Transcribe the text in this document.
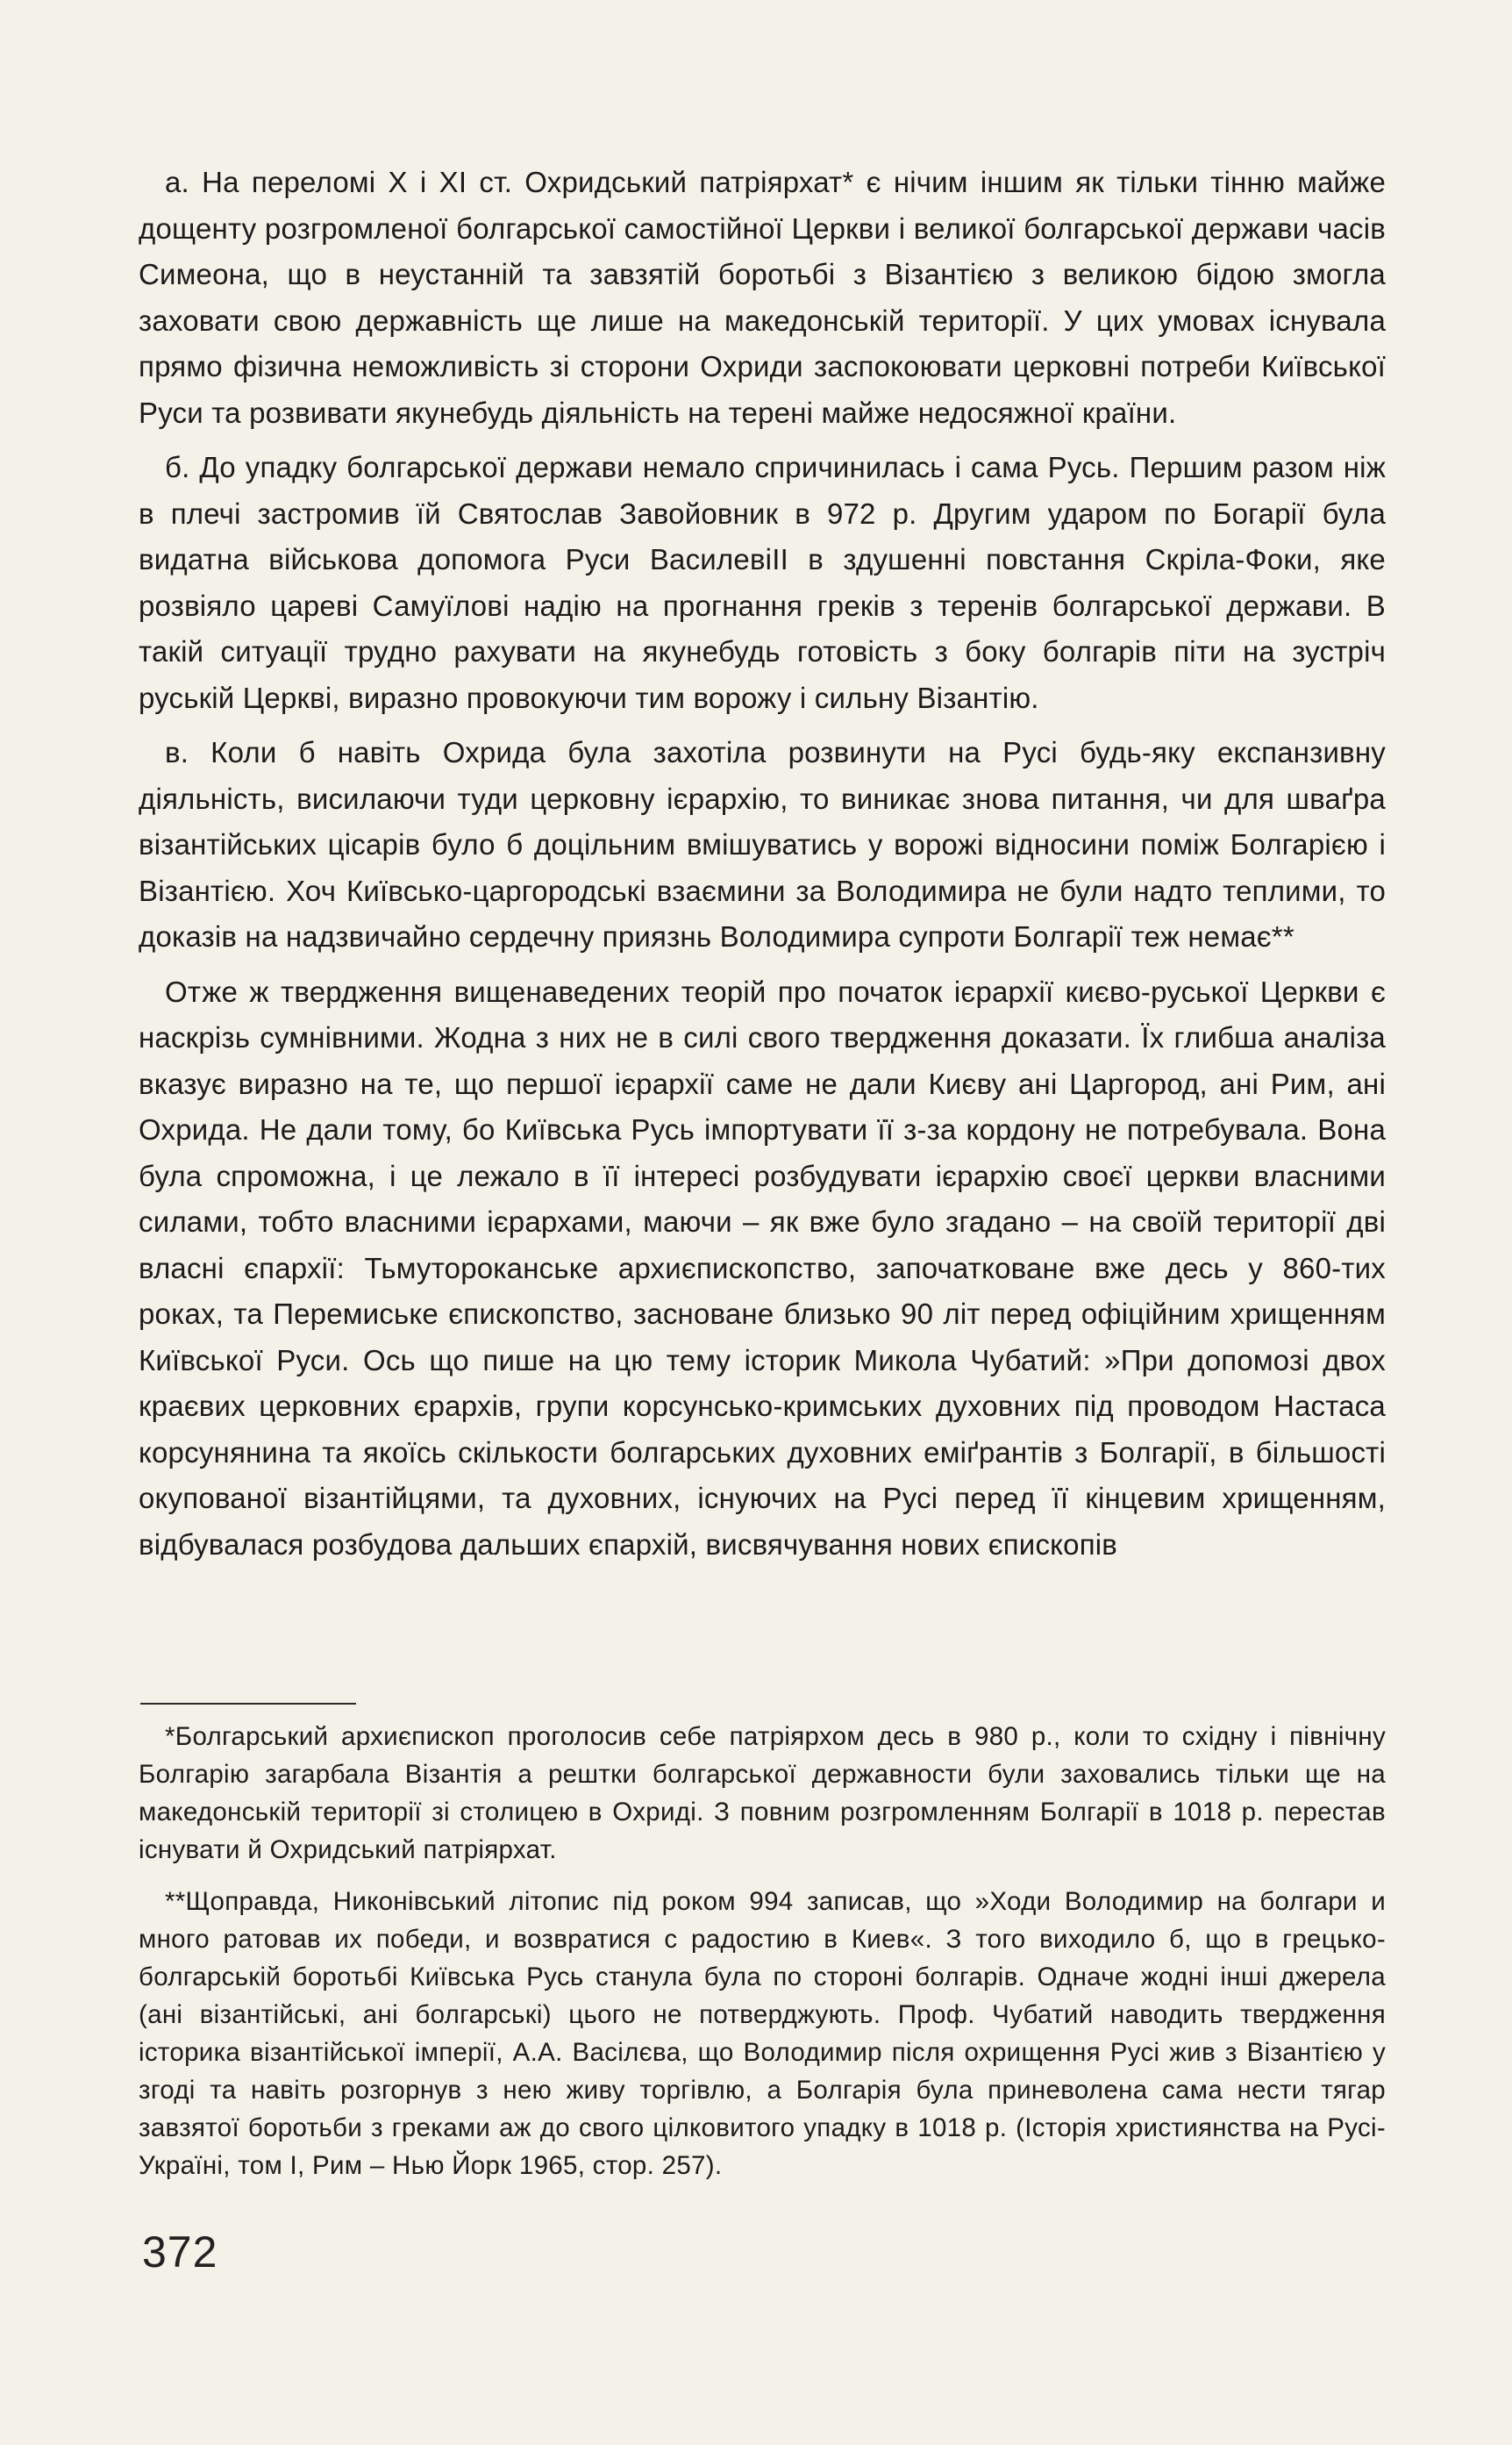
а. На переломі X і XI ст. Охридський патріярхат* є нічим іншим як тільки тінню майже дощенту розгромленої болгарської самостійної Церкви і великої болгарської держави часів Симеона, що в неустанній та завзятій боротьбі з Візантією з великою бідою змогла заховати свою державність ще лише на македонській території. У цих умовах існувала прямо фізична неможливість зі сторони Охриди заспокоювати церковні потреби Київської Руси та розвивати якунебудь діяльність на терені майже недосяжної країни.

б. До упадку болгарської держави немало спричинилась і сама Русь. Першим разом ніж в плечі застромив їй Святослав Завойовник в 972 р. Другим ударом по Богарії була видатна військова допомога Руси ВасилевіІІ в здушенні повстання Скріла-Фоки, яке розвіяло цареві Самуїлові надію на прогнання греків з теренів болгарської держави. В такій ситуації трудно рахувати на якунебудь готовість з боку болгарів піти на зустріч руській Церкві, виразно провокуючи тим ворожу і сильну Візантію.

в. Коли б навіть Охрида була захотіла розвинути на Русі будь-яку експанзивну діяльність, висилаючи туди церковну ієрархію, то виникає знова питання, чи для шваґра візантійських цісарів було б доцільним вмішуватись у ворожі відносини поміж Болгарією і Візантією. Хоч Київсько-царгородські взаємини за Володимира не були надто теплими, то доказів на надзвичайно сердечну приязнь Володимира супроти Болгарії теж немає**

Отже ж твердження вищенаведених теорій про початок ієрархії києво-руської Церкви є наскрізь сумнівними. Жодна з них не в силі свого твердження доказати. Їх глибша аналіза вказує виразно на те, що першої ієрархії саме не дали Києву ані Царгород, ані Рим, ані Охрида. Не дали тому, бо Київська Русь імпортувати її з-за кордону не потребувала. Вона була спроможна, і це лежало в її інтересі розбудувати ієрархію своєї церкви власними силами, тобто власними ієрархами, маючи – як вже було згадано – на своїй території дві власні єпархії: Тьмутороканське архиєпископство, започатковане вже десь у 860-тих роках, та Перемиське єпископство, засноване близько 90 літ перед офіційним хрищенням Київської Руси. Ось що пише на цю тему історик Микола Чубатий: »При допомозі двох краєвих церковних єрархів, групи корсунсько-кримських духовних під проводом Настаса корсунянина та якоїсь скількости болгарських духовних еміґрантів з Болгарії, в більшості окупованої візантійцями, та духовних, існуючих на Русі перед її кінцевим хрищенням, відбувалася розбудова дальших єпархій, висвячування нових єпископів

*Болгарський архиєпископ проголосив себе патріярхом десь в 980 р., коли то східну і північну Болгарію загарбала Візантія а рештки болгарської державности були заховались тільки ще на македонській території зі столицею в Охриді. З повним розгромленням Болгарії в 1018 р. перестав існувати й Охридський патріярхат.

**Щоправда, Никонівський літопис під роком 994 записав, що »Ходи Володимир на болгари и много ратовав их победи, и возвратися с радостию в Киев«. З того виходило б, що в грецько-болгарській боротьбі Київська Русь станула була по стороні болгарів. Одначе жодні інші джерела (ані візантійські, ані болгарські) цього не потверджують. Проф. Чубатий наводить твердження історика візантійської імперії, А.А. Васілєва, що Володимир після охрищення Русі жив з Візантією у згоді та навіть розгорнув з нею живу торгівлю, а Болгарія була приневолена сама нести тягар завзятої боротьби з греками аж до свого цілковитого упадку в 1018 р. (Історія християнства на Русі-Україні, том І, Рим – Нью Йорк 1965, стор. 257).

372
